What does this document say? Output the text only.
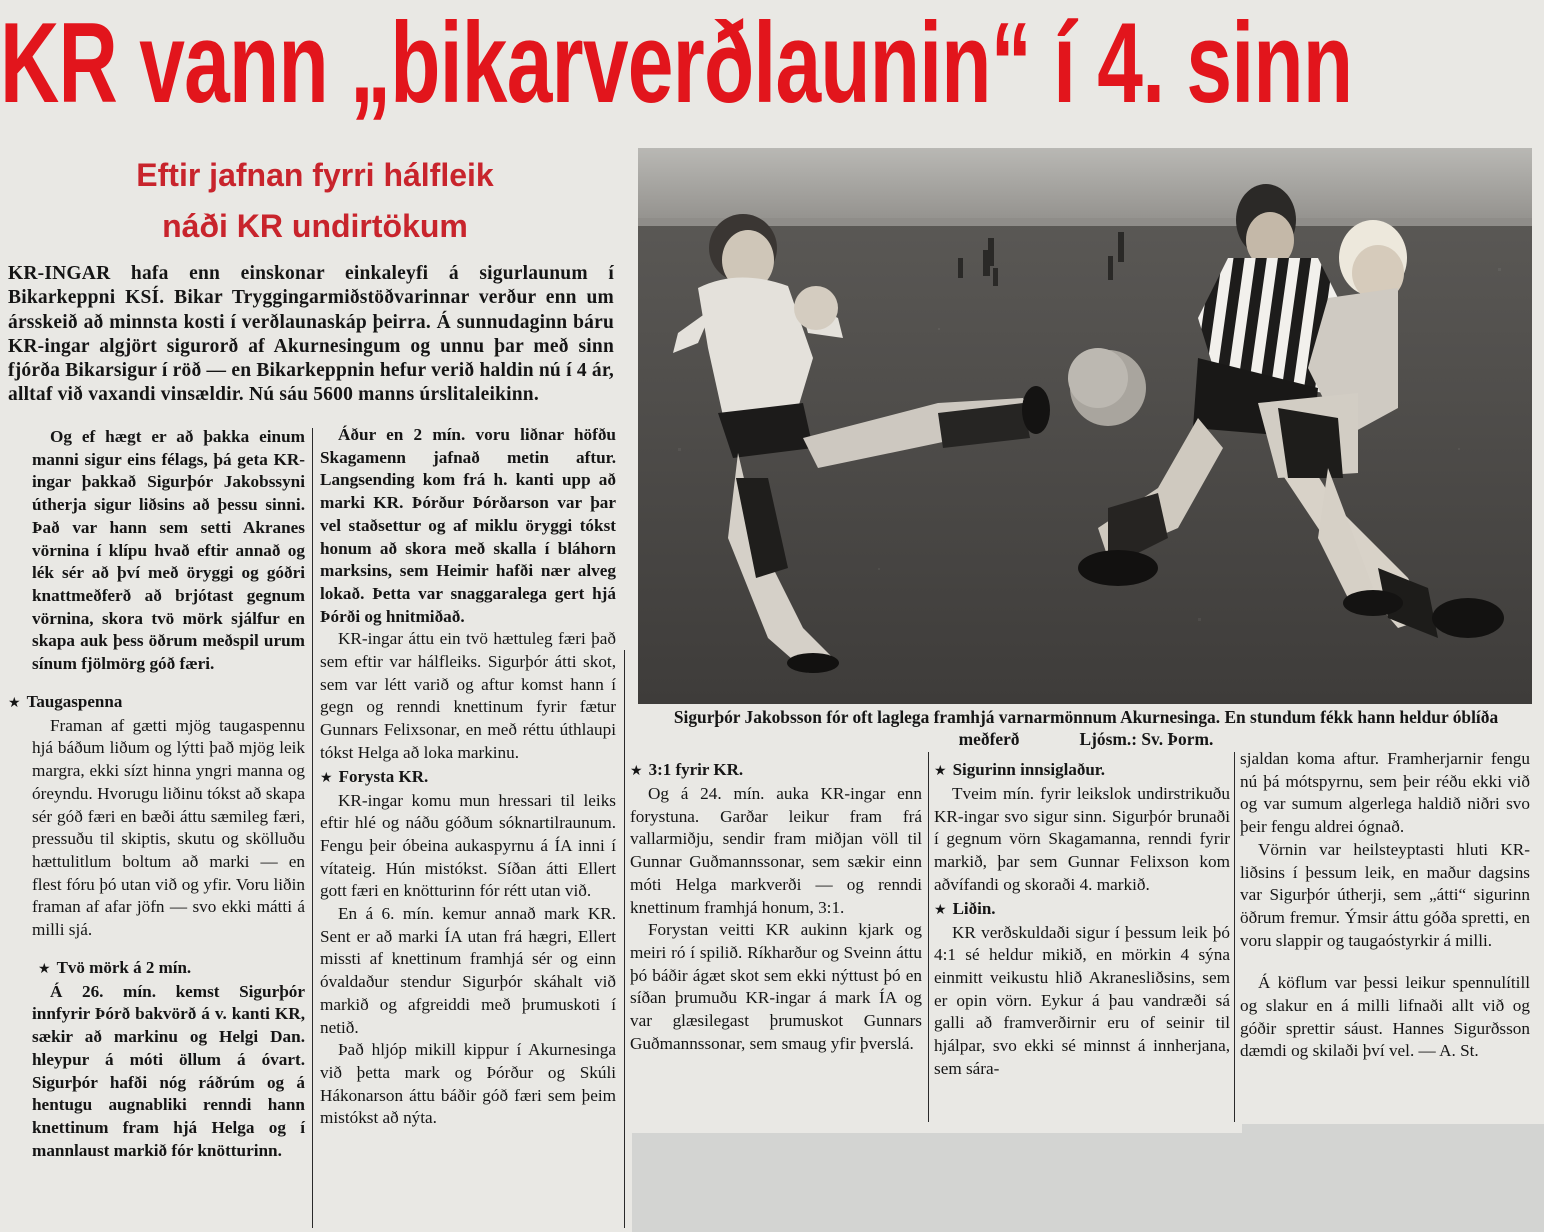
KR vann „bikarverðlaunin“ í 4. sinn
Eftir jafnan fyrri hálfleik
náði KR undirtökum

KR-INGAR hafa enn einskonar einkaleyfi á sigurlaunum í Bikarkeppni KSÍ. Bikar Tryggingarmiðstöðvarinnar verður enn um ársskeið að minnsta kosti í verðlaunaskáp þeirra. Á sunnudaginn báru KR-ingar algjört sigurorð af Akurnesingum og unnu þar með sinn fjórða Bikarsigur í röð — en Bikarkeppnin hefur verið haldin nú í 4 ár, alltaf við vaxandi vinsældir. Nú sáu 5600 manns úrslitaleikinn.

Og ef hægt er að þakka einum manni sigur eins félags, þá geta KR-ingar þakkað Sigurþór Jakobssyni útherja sigur liðsins að þessu sinni. Það var hann sem setti Akranes vörnina í klípu hvað eftir annað og lék sér að því með öryggi og góðri knattmeðferð að brjótast gegnum vörnina, skora tvö mörk sjálfur en skapa auk þess öðrum meðspil urum sínum fjölmörg góð færi.

★ Taugaspenna

Framan af gætti mjög taugaspennu hjá báðum liðum og lýtti það mjög leik margra, ekki sízt hinna yngri manna og óreyndu. Hvorugu liðinu tókst að skapa sér góð færi en bæði áttu sæmileg færi, pressuðu til skiptis, skutu og skölluðu hættulitlum boltum að marki — en flest fóru þó utan við og yfir. Voru liðin framan af afar jöfn — svo ekki mátti á milli sjá.

★ Tvö mörk á 2 mín.

Á 26. mín. kemst Sigurþór innfyrir Þórð bakvörð á v. kanti KR, sækir að markinu og Helgi Dan. hleypur á móti öllum á óvart. Sigurþór hafði nóg ráðrúm og á hentugu augnabliki renndi hann knettinum fram hjá Helga og í mannlaust markið fór knötturinn.

Áður en 2 mín. voru liðnar höfðu Skagamenn jafnað metin aftur. Langsending kom frá h. kanti upp að marki KR. Þórður Þórðarson var þar vel staðsettur og af miklu öryggi tókst honum að skora með skalla í bláhorn marksins, sem Heimir hafði nær alveg lokað. Þetta var snaggaralega gert hjá Þórði og hnitmiðað.

KR-ingar áttu ein tvö hættuleg færi það sem eftir var hálfleiks. Sigurþór átti skot, sem var létt varið og aftur komst hann í gegn og renndi knettinum fyrir fætur Gunnars Felixsonar, en með réttu úthlaupi tókst Helga að loka markinu.

★ Forysta KR.

KR-ingar komu mun hressari til leiks eftir hlé og náðu góðum sóknartilraunum. Fengu þeir óbeina aukaspyrnu á ÍA inni í vítateig. Hún mistókst. Síðan átti Ellert gott færi en knötturinn fór rétt utan við.

En á 6. mín. kemur annað mark KR. Sent er að marki ÍA utan frá hægri, Ellert missti af knettinum framhjá sér og einn óvaldaður stendur Sigurþór skáhalt við markið og afgreiddi með þrumuskoti í netið.

Það hljóp mikill kippur í Akurnesinga við þetta mark og Þórður og Skúli Hákonarson áttu báðir góð færi sem þeim mistókst að nýta.

Sigurþór Jakobsson fór oft laglega framhjá varnarmönnum Akurnesinga. En stundum fékk hann heldur óblíða meðferð	Ljósm.: Sv. Þorm.

★ 3:1 fyrir KR.

Og á 24. mín. auka KR-ingar enn forystuna. Garðar leikur fram frá vallarmiðju, sendir fram miðjan völl til Gunnar Guðmannssonar, sem sækir einn móti Helga markverði — og renndi knettinum framhjá honum, 3:1.

Forystan veitti KR aukinn kjark og meiri ró í spilið. Ríkharður og Sveinn áttu þó báðir ágæt skot sem ekki nýttust þó en síðan þrumuðu KR-ingar á mark ÍA og var glæsilegast þrumuskot Gunnars Guðmannssonar, sem smaug yfir þverslá.

★ Sigurinn innsiglaður.

Tveim mín. fyrir leikslok undirstrikuðu KR-ingar svo sigur sinn. Sigurþór brunaði í gegnum vörn Skagamanna, renndi fyrir markið, þar sem Gunnar Felixson kom aðvífandi og skoraði 4. markið.

★ Liðin.

KR verðskuldaði sigur í þessum leik þó 4:1 sé heldur mikið, en mörkin 4 sýna einmitt veikustu hlið Akranesliðsins, sem er opin vörn. Eykur á þau vandræði sá galli að framverðirnir eru of seinir til hjálpar, svo ekki sé minnst á innherjana, sem sára-

sjaldan koma aftur. Framherjarnir fengu nú þá mótspyrnu, sem þeir réðu ekki við og var sumum algerlega haldið niðri svo þeir fengu aldrei ógnað.

Vörnin var heilsteyptasti hluti KR-liðsins í þessum leik, en maður dagsins var Sigurþór útherji, sem „átti“ sigurinn öðrum fremur. Ýmsir áttu góða spretti, en voru slappir og taugaóstyrkir á milli.

Á köflum var þessi leikur spennulítill og slakur en á milli lifnaði allt við og góðir sprettir sáust. Hannes Sigurðsson dæmdi og skilaði því vel. — A. St.
